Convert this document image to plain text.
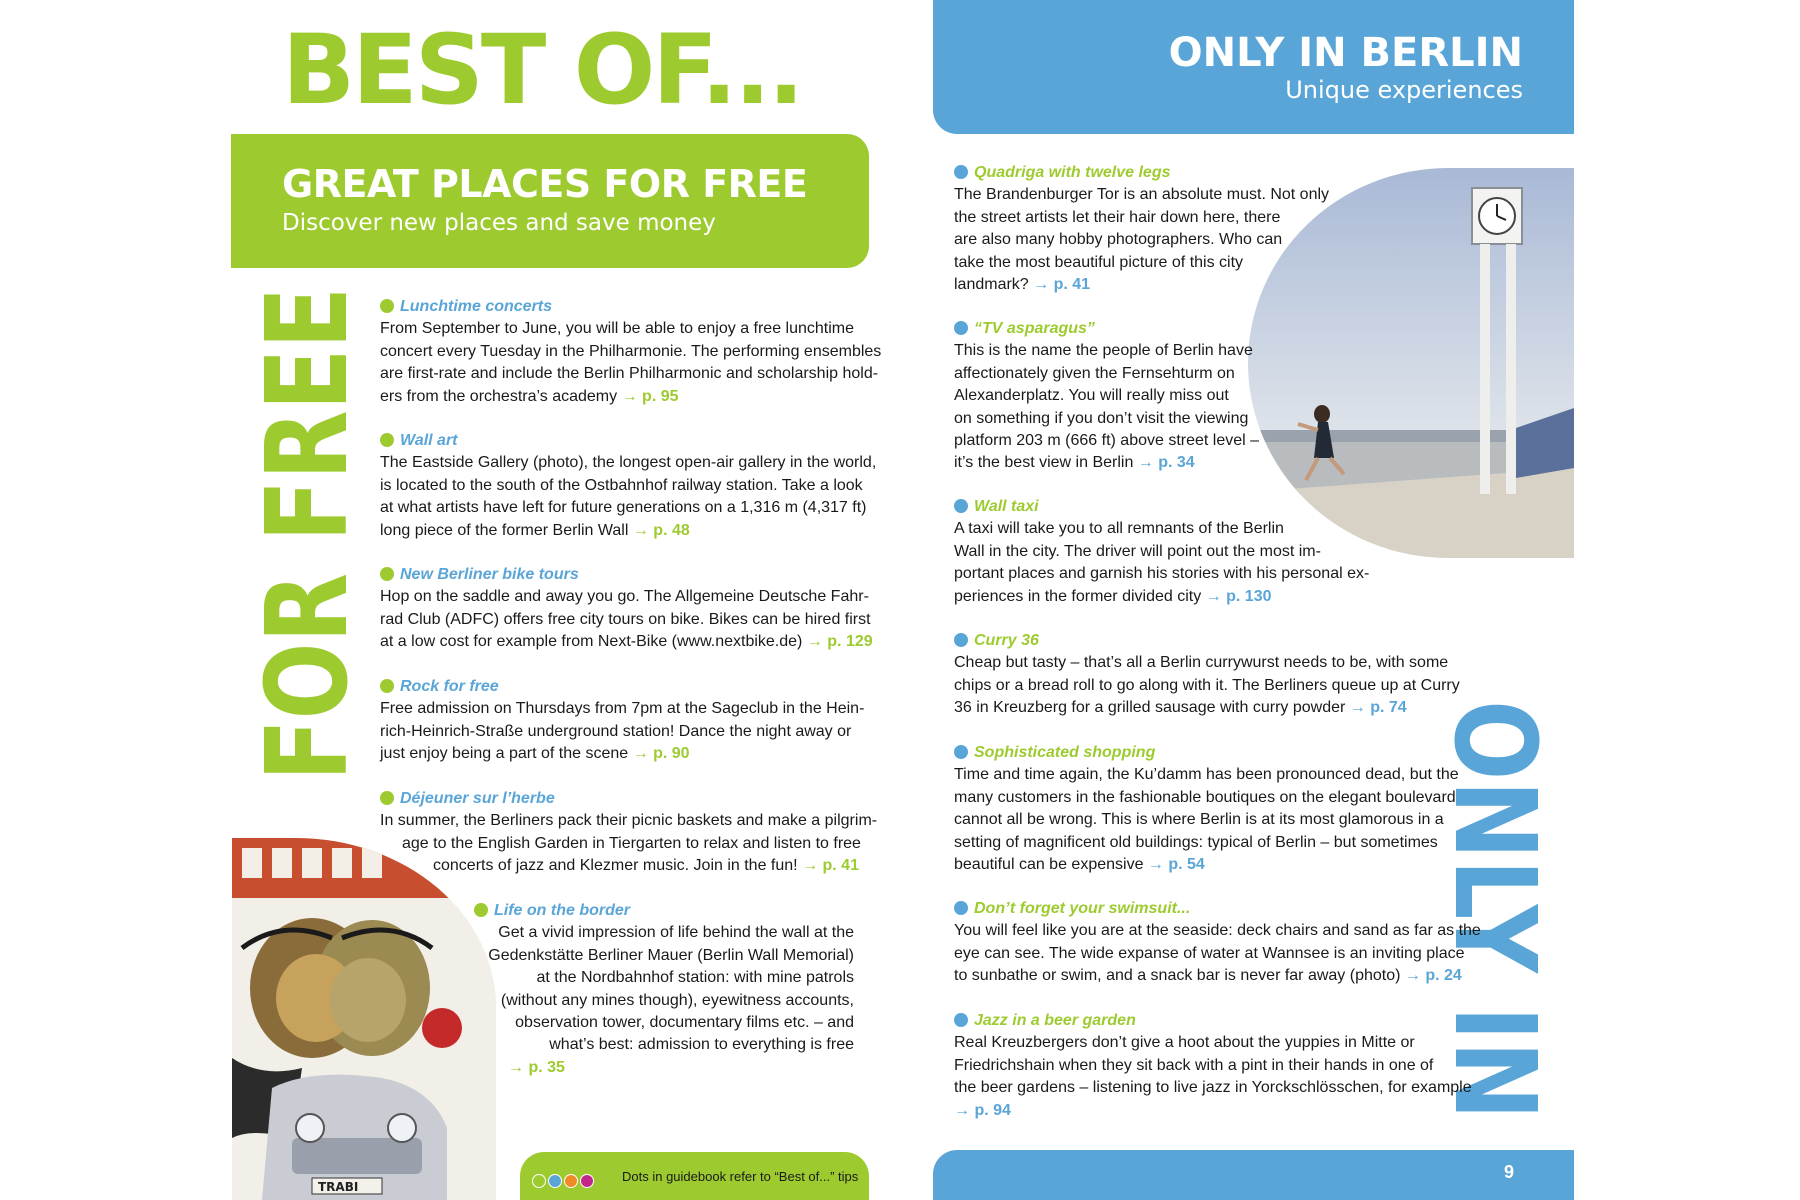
BEST OF...
GREAT PLACES FOR FREE
Discover new places and save money
FOR FR
Lunchtime concerts
From September to June, you will be able to enjoy a free lunchtime
concert every Tuesday in the Philharmonie. The performing ensembles
are first-rate and include the Berlin Philharmonic and scholarship hold-
ers from the orchestra’s academy → p. 95
Wall art
The Eastside Gallery (photo), the longest open-air gallery in the world,
is located to the south of the Ostbahnhof railway station. Take a look
at what artists have left for future generations on a 1,316 m (4,317 ft)
long piece of the former Berlin Wall → p. 48
New Berliner bike tours
Hop on the saddle and away you go. The Allgemeine Deutsche Fahr-
rad Club (ADFC) offers free city tours on bike. Bikes can be hired first
at a low cost for example from Next-Bike (www.nextbike.de) → p. 129
Rock for free
Free admission on Thursdays from 7pm at the Sageclub in the Hein-
rich-Heinrich-Straße underground station! Dance the night away or
just enjoy being a part of the scene → p. 90
Déjeuner sur l’herbe
In summer, the Berliners pack their picnic baskets and make a pilgrim-
age to the English Garden in Tiergarten to relax and listen to free
concerts of jazz and Klezmer music. Join in the fun! → p. 41
Life on the border
Get a vivid impression of life behind the wall at the
Gedenkstätte Berliner Mauer (Berlin Wall Memorial)
at the Nordbahnhof station: with mine patrols
(without any mines though), eyewitness accounts,
observation tower, documentary films etc. – and
what’s best: admission to everything is free
→ p. 35
TRABI
Dots in guidebook refer to “Best of...” tips
ONLY IN BERLIN
Unique experiences
ONLY
Quadriga with twelve legs
The Brandenburger Tor is an absolute must. Not only
the street artists let their hair down here, there
are also many hobby photographers. Who can
take the most beautiful picture of this city
landmark? → p. 41
“TV asparagus”
This is the name the people of Berlin have
affectionately given the Fernsehturm on
Alexanderplatz. You will really miss out
on something if you don’t visit the viewing
platform 203 m (666 ft) above street level –
it’s the best view in Berlin → p. 34
Wall taxi
A taxi will take you to all remnants of the Berlin
Wall in the city. The driver will point out the most im-
portant places and garnish his stories with his personal ex-
periences in the former divided city → p. 130
Curry 36
Cheap but tasty – that’s all a Berlin currywurst needs to be, with some
chips or a bread roll to go along with it. The Berliners queue up at Curry
36 in Kreuzberg for a grilled sausage with curry powder → p. 74
Sophisticated shopping
Time and time again, the Ku’damm has been pronounced dead, but the
many customers in the fashionable boutiques on the elegant boulevard
cannot all be wrong. This is where Berlin is at its most glamorous in a
setting of magnificent old buildings: typical of Berlin – but sometimes
beautiful can be expensive → p. 54
Don’t forget your swimsuit...
You will feel like you are at the seaside: deck chairs and sand as far as the
eye can see. The wide expanse of water at Wannsee is an inviting place
to sunbathe or swim, and a snack bar is never far away (photo) → p. 24
Jazz in a beer garden
Real Kreuzbergers don’t give a hoot about the yuppies in Mitte or
Friedrichshain when they sit back with a pint in their hands in one of
the beer gardens – listening to live jazz in Yorckschlösschen, for example
→ p. 94
9
